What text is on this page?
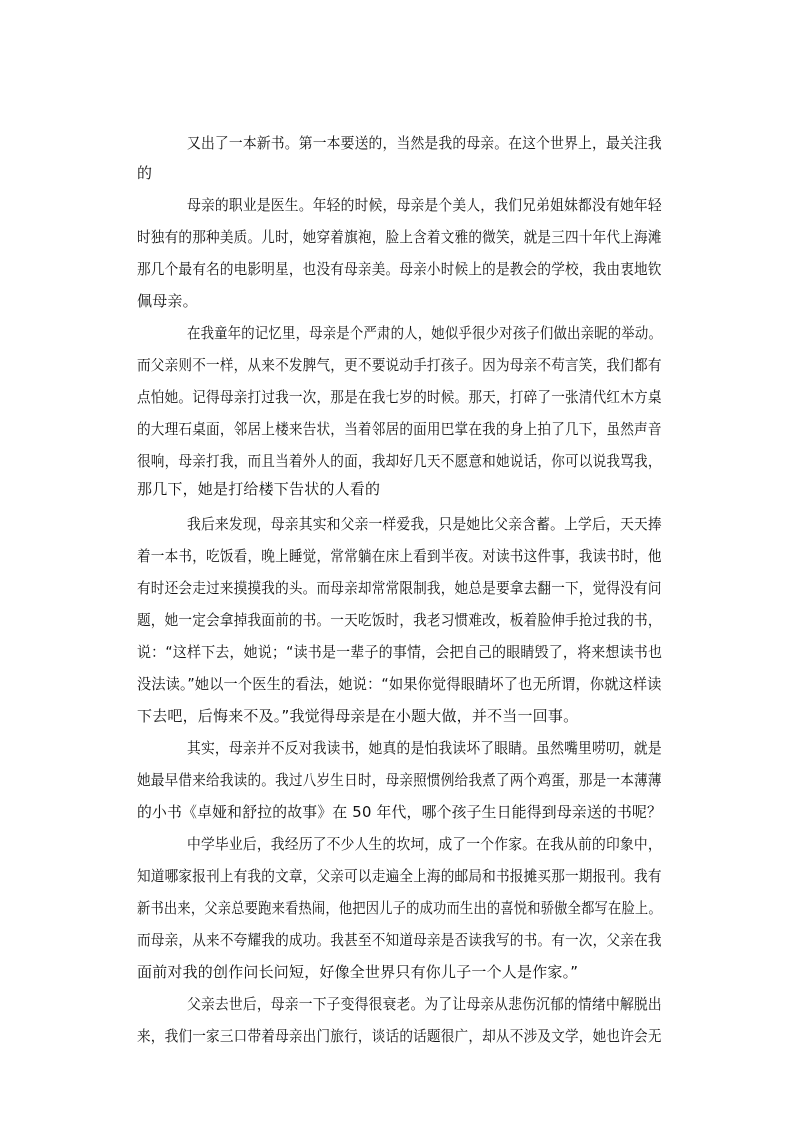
又出了一本新书。第一本要送的，当然是我的母亲。在这个世界上，最关注我
的
母亲的职业是医生。年轻的时候，母亲是个美人，我们兄弟姐妹都没有她年轻
时独有的那种美质。儿时，她穿着旗袍，脸上含着文雅的微笑，就是三四十年代上海滩
那几个最有名的电影明星，也没有母亲美。母亲小时候上的是教会的学校，我由衷地钦
佩母亲。
在我童年的记忆里，母亲是个严肃的人，她似乎很少对孩子们做出亲昵的举动。
而父亲则不一样，从来不发脾气，更不要说动手打孩子。因为母亲不苟言笑，我们都有
点怕她。记得母亲打过我一次，那是在我七岁的时候。那天，打碎了一张清代红木方桌
的大理石桌面，邻居上楼来告状，当着邻居的面用巴掌在我的身上拍了几下，虽然声音
很响，母亲打我，而且当着外人的面，我却好几天不愿意和她说话，你可以说我骂我，
那几下，她是打给楼下告状的人看的
我后来发现，母亲其实和父亲一样爱我，只是她比父亲含蓄。上学后，天天捧
着一本书，吃饭看，晚上睡觉，常常躺在床上看到半夜。对读书这件事，我读书时，他
有时还会走过来摸摸我的头。而母亲却常常限制我，她总是要拿去翻一下，觉得没有问
题，她一定会拿掉我面前的书。一天吃饭时，我老习惯难改，板着脸伸手抢过我的书，
说：“这样下去，她说；“读书是一辈子的事情，会把自己的眼睛毁了，将来想读书也
没法读。”她以一个医生的看法，她说：“如果你觉得眼睛坏了也无所谓，你就这样读
下去吧，后悔来不及。”我觉得母亲是在小题大做，并不当一回事。
其实，母亲并不反对我读书，她真的是怕我读坏了眼睛。虽然嘴里唠叨，就是
她最早借来给我读的。我过八岁生日时，母亲照惯例给我煮了两个鸡蛋，那是一本薄薄
的小书《卓娅和舒拉的故事》在 50 年代，哪个孩子生日能得到母亲送的书呢？
中学毕业后，我经历了不少人生的坎坷，成了一个作家。在我从前的印象中，
知道哪家报刊上有我的文章，父亲可以走遍全上海的邮局和书报摊买那一期报刊。我有
新书出来，父亲总要跑来看热闹，他把因儿子的成功而生出的喜悦和骄傲全都写在脸上。
而母亲，从来不夸耀我的成功。我甚至不知道母亲是否读我写的书。有一次，父亲在我
面前对我的创作问长问短，好像全世界只有你儿子一个人是作家。”
父亲去世后，母亲一下子变得很衰老。为了让母亲从悲伤沉郁的情绪中解脱出
来，我们一家三口带着母亲出门旅行，谈话的话题很广，却从不涉及文学，她也许会无
